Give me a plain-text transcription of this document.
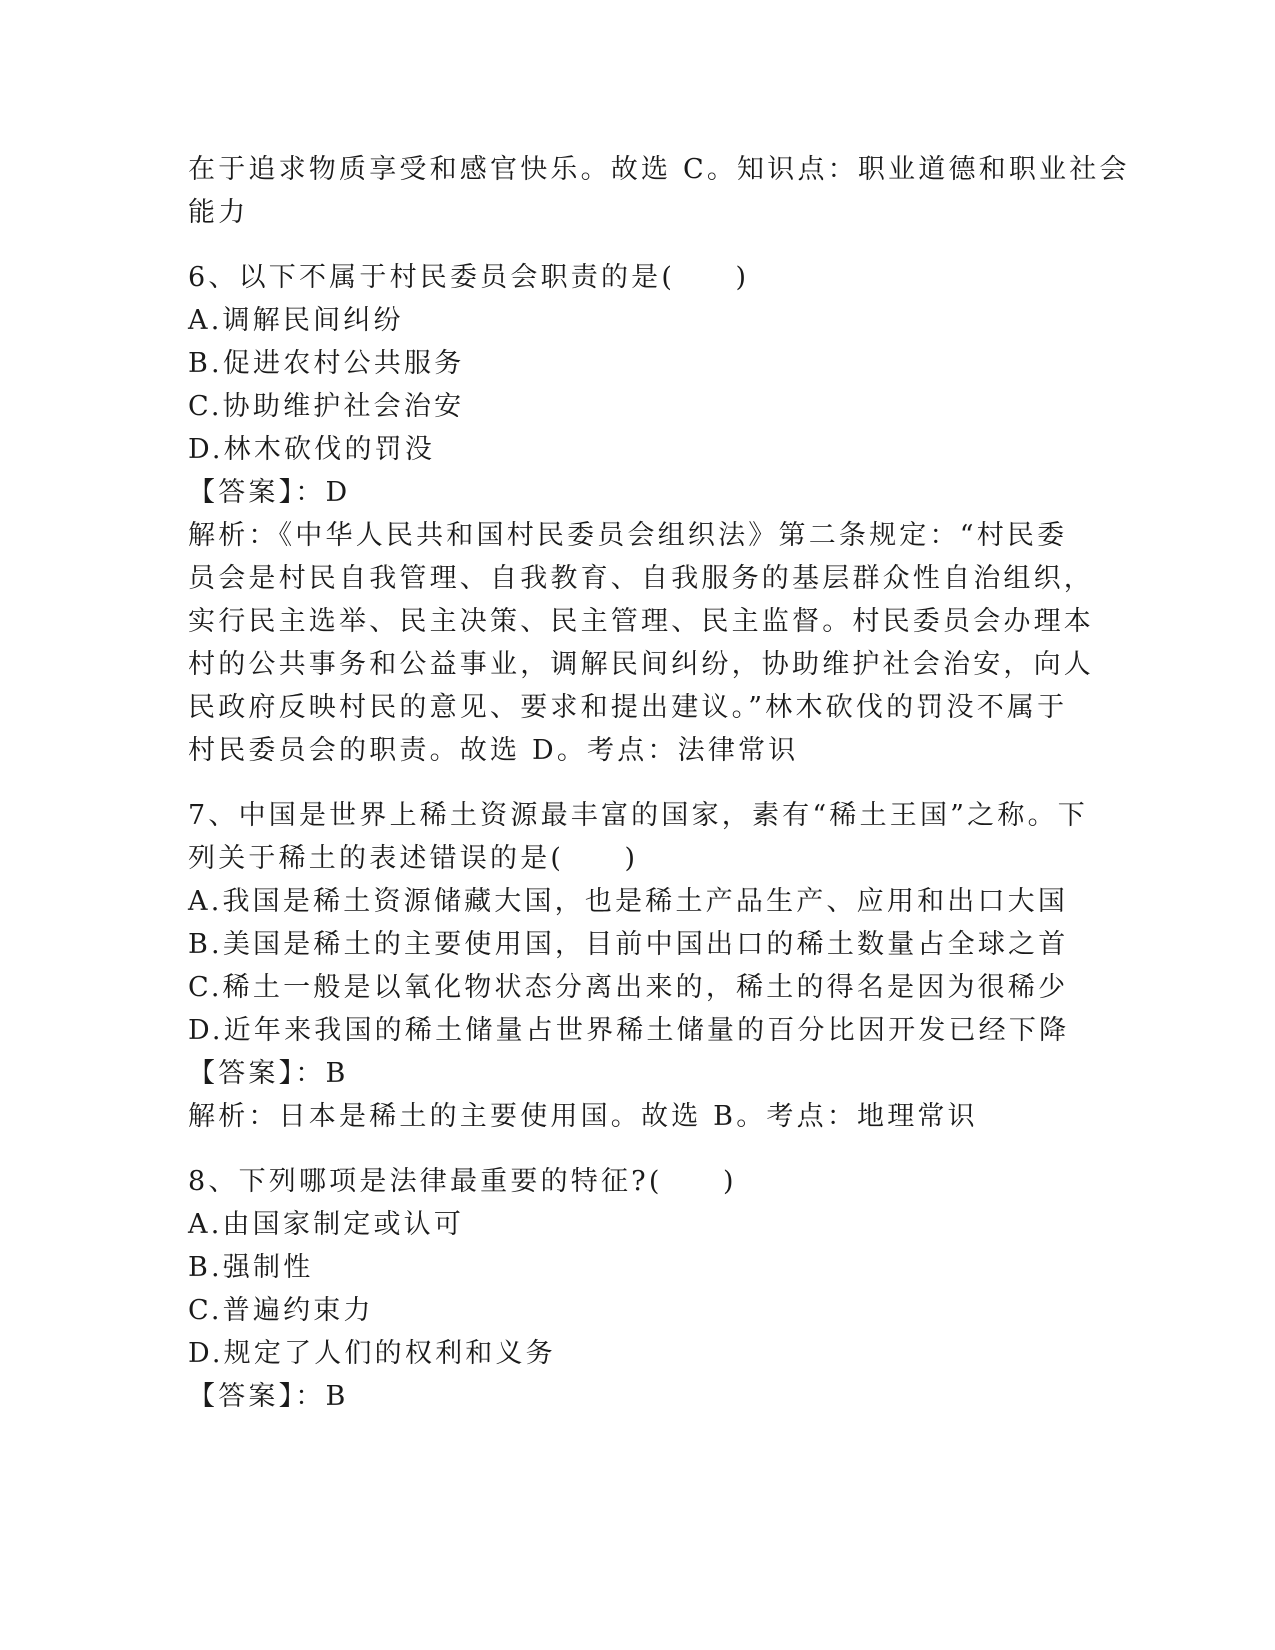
在于追求物质享受和感官快乐。故选 C。知识点：职业道德和职业社会
能力
6、以下不属于村民委员会职责的是(　　)
A.调解民间纠纷
B.促进农村公共服务
C.协助维护社会治安
D.林木砍伐的罚没
【答案】：D
解析：《中华人民共和国村民委员会组织法》第二条规定：“村民委
员会是村民自我管理、自我教育、自我服务的基层群众性自治组织，
实行民主选举、民主决策、民主管理、民主监督。村民委员会办理本
村的公共事务和公益事业，调解民间纠纷，协助维护社会治安，向人
民政府反映村民的意见、要求和提出建议。”林木砍伐的罚没不属于
村民委员会的职责。故选 D。考点：法律常识
7、中国是世界上稀土资源最丰富的国家，素有“稀土王国”之称。下
列关于稀土的表述错误的是(　　)
A.我国是稀土资源储藏大国，也是稀土产品生产、应用和出口大国
B.美国是稀土的主要使用国，目前中国出口的稀土数量占全球之首
C.稀土一般是以氧化物状态分离出来的，稀土的得名是因为很稀少
D.近年来我国的稀土储量占世界稀土储量的百分比因开发已经下降
【答案】：B
解析：日本是稀土的主要使用国。故选 B。考点：地理常识
8、下列哪项是法律最重要的特征?(　　)
A.由国家制定或认可
B.强制性
C.普遍约束力
D.规定了人们的权利和义务
【答案】：B
